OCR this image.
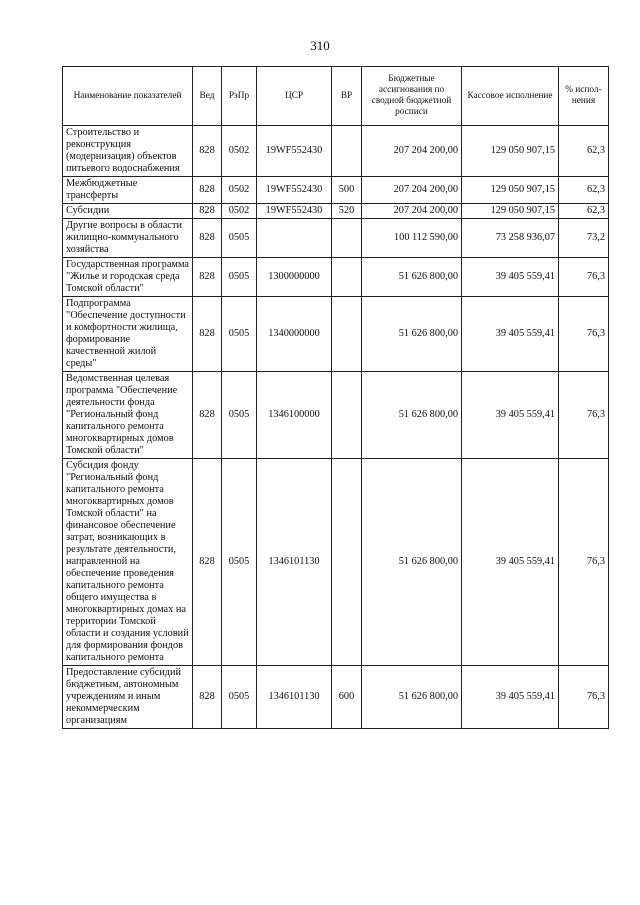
310
Наименование показателей	Вед	РзПр	ЦСР	ВР	Бюджетные ассигнования по сводной бюджетной росписи	Кассовое исполнение	% испол-нения
Строительство и реконструкция (модернизация) объектов питьевого водоснабжения	828	0502	19WF552430		207 204 200,00	129 050 907,15	62,3
Межбюджетные трансферты	828	0502	19WF552430	500	207 204 200,00	129 050 907,15	62,3
Субсидии	828	0502	19WF552430	520	207 204 200,00	129 050 907,15	62,3
Другие вопросы в области жилищно-коммунального хозяйства	828	0505			100 112 590,00	73 258 936,07	73,2
Государственная программа "Жилье и городская среда Томской области"	828	0505	1300000000		51 626 800,00	39 405 559,41	76,3
Подпрограмма "Обеспечение доступности и комфортности жилища, формирование качественной жилой среды"	828	0505	1340000000		51 626 800,00	39 405 559,41	76,3
Ведомственная целевая программа "Обеспечение деятельности фонда "Региональный фонд капитального ремонта многоквартирных домов Томской области"	828	0505	1346100000		51 626 800,00	39 405 559,41	76,3
Субсидия фонду "Региональный фонд капитального ремонта многоквартирных домов Томской области" на финансовое обеспечение затрат, возникающих в результате деятельности, направленной на обеспечение проведения капитального ремонта общего имущества в многоквартирных домах на территории Томской области и создания условий для формирования фондов капитального ремонта	828	0505	1346101130		51 626 800,00	39 405 559,41	76,3
Предоставление субсидий бюджетным, автономным учреждениям и иным некоммерческим организациям	828	0505	1346101130	600	51 626 800,00	39 405 559,41	76,3
